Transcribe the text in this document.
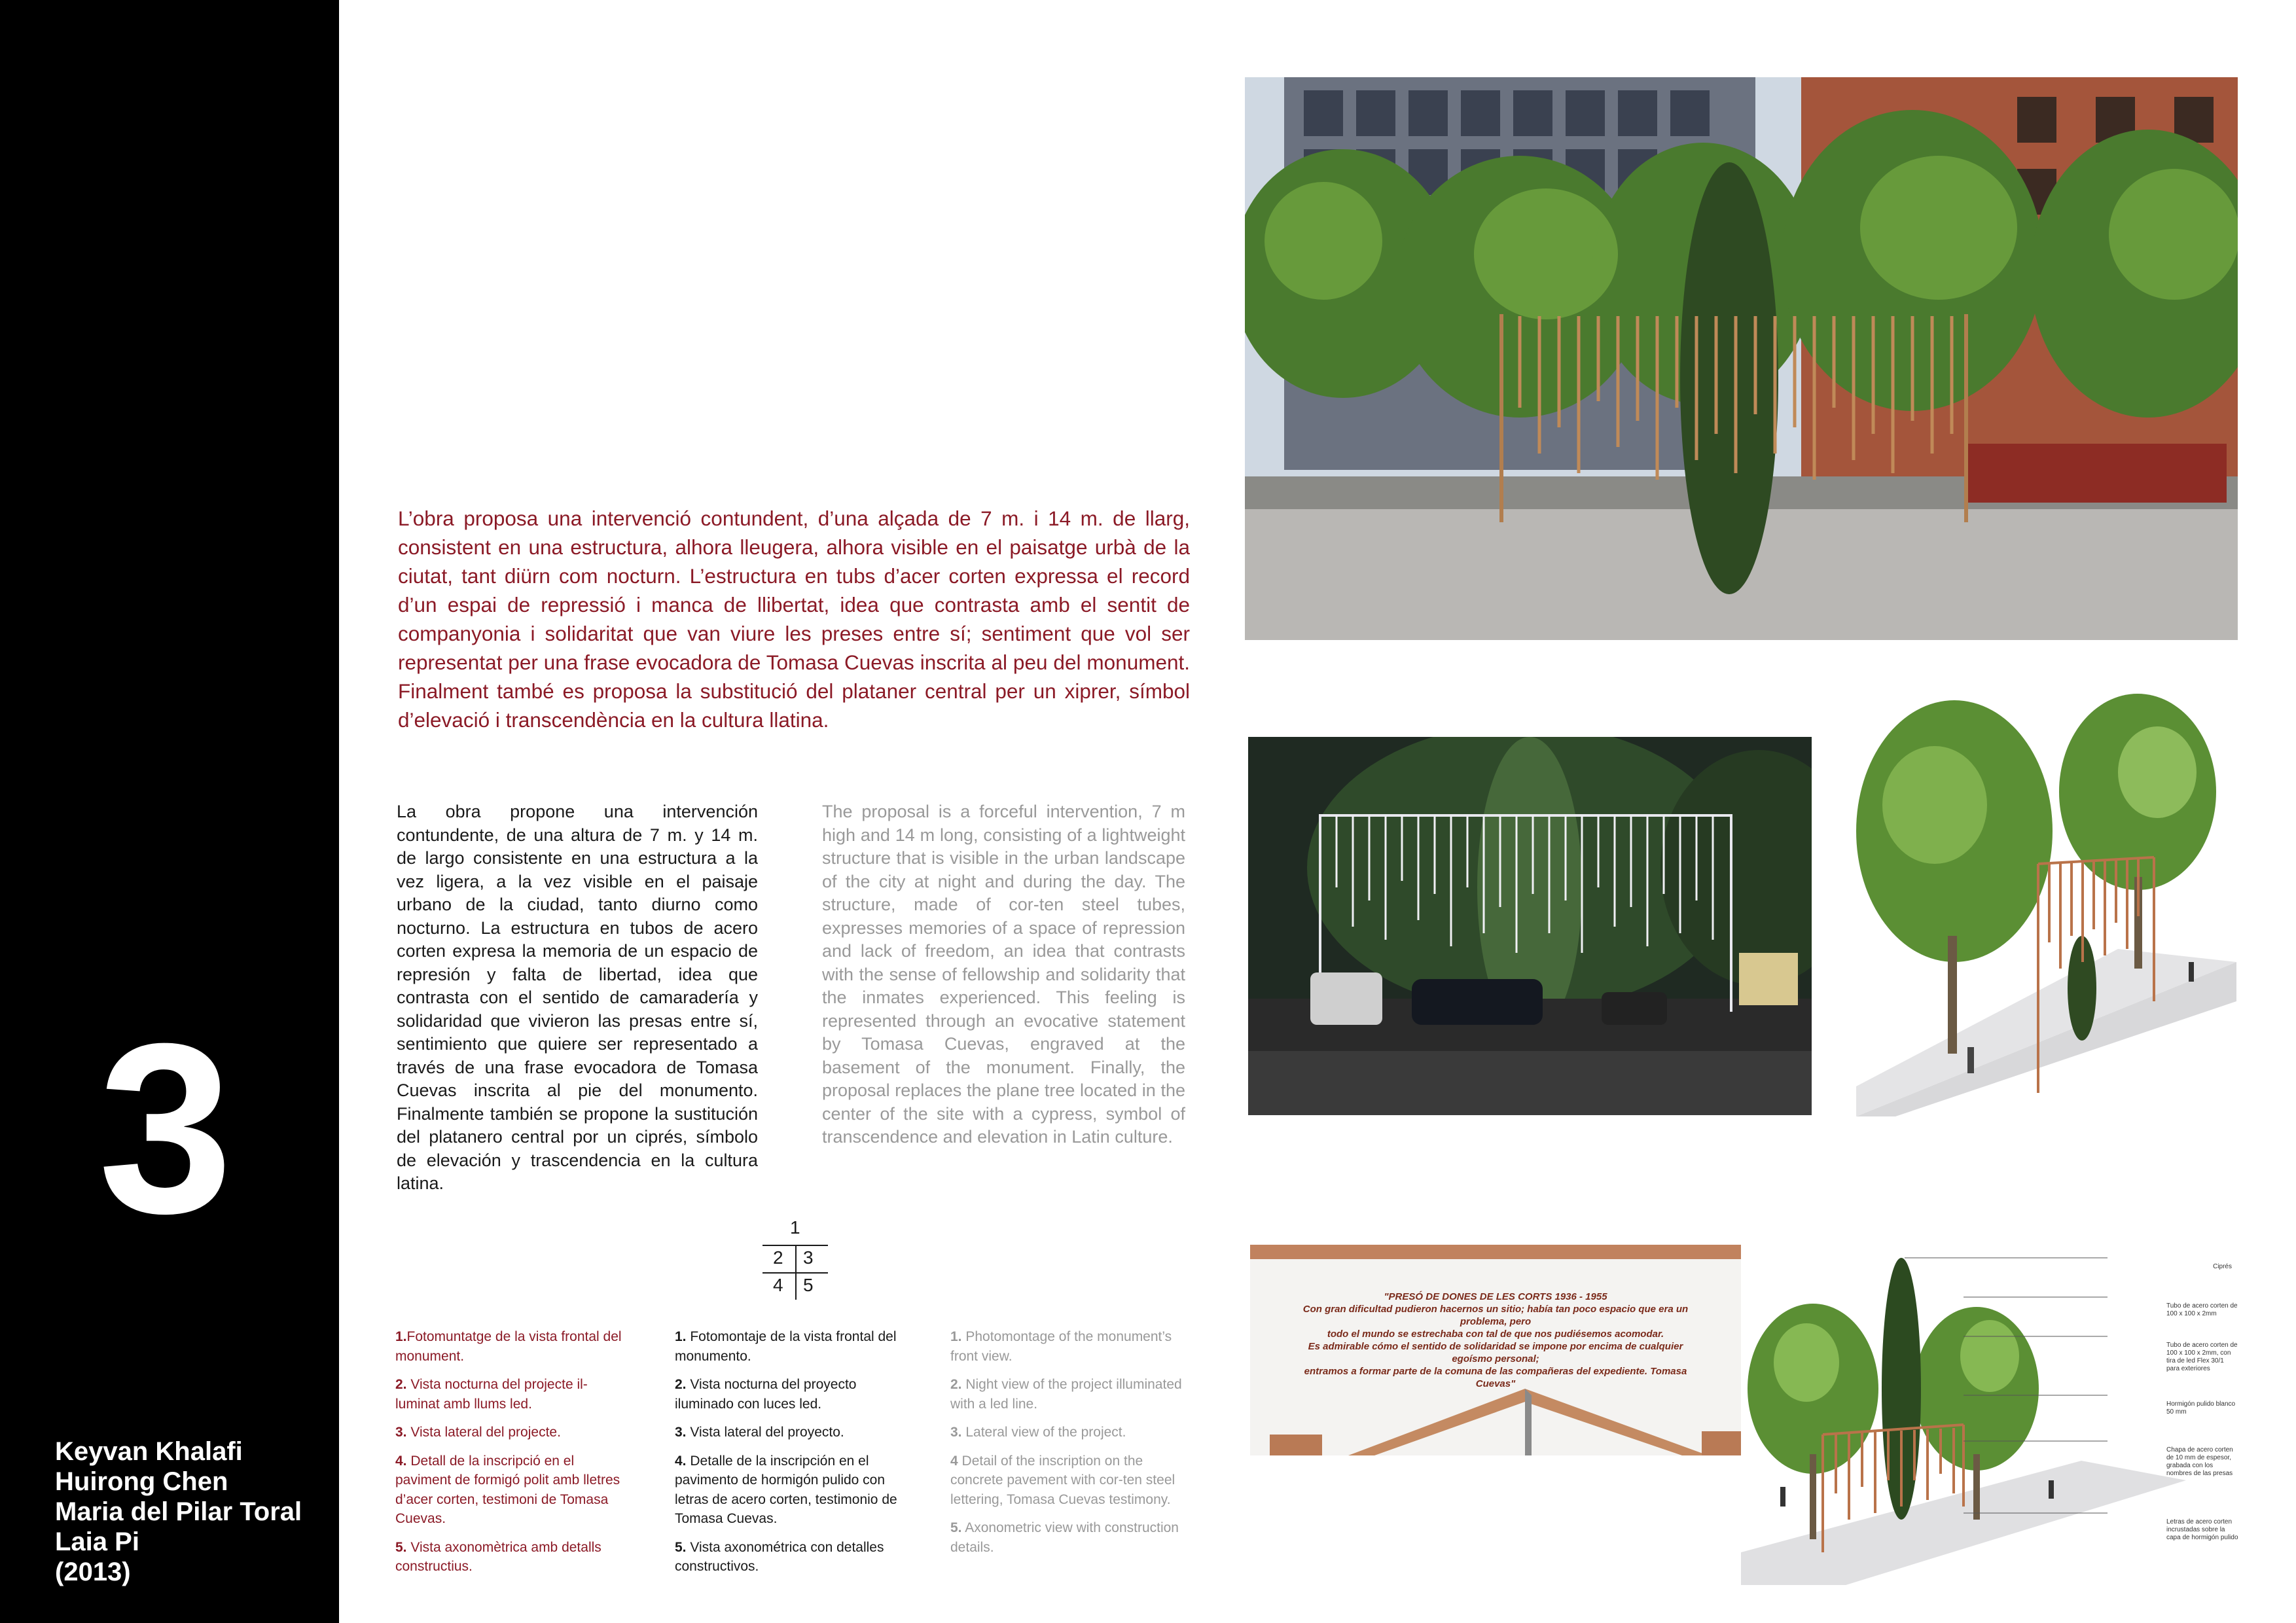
3
Keyvan Khalafi
Huirong Chen
Maria del Pilar Toral
Laia Pi
(2013)
L’obra proposa una intervenció contundent, d’una alçada de 7 m. i 14 m. de llarg, consistent en una estructura, alhora lleugera, alhora visible en el paisatge urbà de la ciutat, tant diürn com nocturn. L’estructura en tubs d’acer corten expressa el record d’un espai de repressió i manca de llibertat, idea que contrasta amb el sentit de companyonia i solidaritat que van viure les preses entre sí; sentiment que vol ser representat per una frase evocadora de Tomasa Cuevas inscrita al peu del monument. Finalment també es proposa la substitució del plataner central per un xiprer, símbol d’elevació i transcendència en la cultura llatina.
La obra propone una intervención contundente, de una altura de 7 m. y 14 m. de largo consistente en una estructura a la vez ligera, a la vez visible en el paisaje urbano de la ciudad, tanto diurno como nocturno. La estructura en tubos de acero corten expresa la memoria de un espacio de represión y falta de libertad, idea que contrasta con el sentido de camaradería y solidaridad que vivieron las presas entre sí, sentimiento que quiere ser representado a través de una frase evocadora de Tomasa Cuevas inscrita al pie del monumento. Finalmente también se propone la sustitución del platanero central por un ciprés, símbolo de elevación y trascendencia en la cultura latina.
The proposal is a forceful intervention, 7 m high and 14 m long, consisting of a lightweight structure that is visible in the urban landscape of the city at night and during the day. The structure, made of cor-ten steel tubes, expresses memories of a space of repression and lack of freedom, an idea that contrasts with the sense of fellowship and solidarity that the inmates experienced. This feeling is represented through an evocative statement by Tomasa Cuevas, engraved at the basement of the monument. Finally, the proposal replaces the plane tree located in the center of the site with a cypress, symbol of transcendence and elevation in Latin culture.
1
2 3
4 5

1.Fotomuntatge de la vista frontal del monument.

2. Vista nocturna del projecte il-luminat amb llums led.

3. Vista lateral del projecte.

4. Detall de la inscripció en el paviment de formigó polit amb lletres d’acer corten, testimoni de Tomasa Cuevas.

5. Vista axonomètrica amb detalls constructius.

1. Fotomontaje de la vista frontal del monumento.

2. Vista nocturna del proyecto iluminado con luces led.

3. Vista lateral del proyecto.

4. Detalle de la inscripción en el pavimento de hormigón pulido con letras de acero corten, testimonio de Tomasa Cuevas.

5. Vista axonométrica con detalles constructivos.

1. Photomontage of the monument’s front view.

2. Night view of the project illuminated with a led line.

3. Lateral view of the project.

4 Detail of the inscription on the concrete pavement with cor-ten steel lettering, Tomasa Cuevas testimony.

5. Axonometric view with construction details.

"PRESÓ DE DONES DE LES CORTS 1936 - 1955
Con gran dificultad pudieron hacernos un sitio; había tan poco espacio que era un problema, pero
todo el mundo se estrechaba con tal de que nos pudiésemos acomodar.
Es admirable cómo el sentido de solidaridad se impone por encima de cualquier egoísmo personal;
entramos a formar parte de la comuna de las compañeras del expediente. Tomasa Cuevas"
Ciprés
Tubo de acero corten de 100 x 100 x 2mm
Tubo de acero corten de 100 x 100 x 2mm, con tira de led Flex 30/1 para exteriores
Hormigón pulido blanco 50 mm
Chapa de acero corten de 10 mm de espesor, grabada con los nombres de las presas
Letras de acero corten incrustadas sobre la capa de hormigón pulido
